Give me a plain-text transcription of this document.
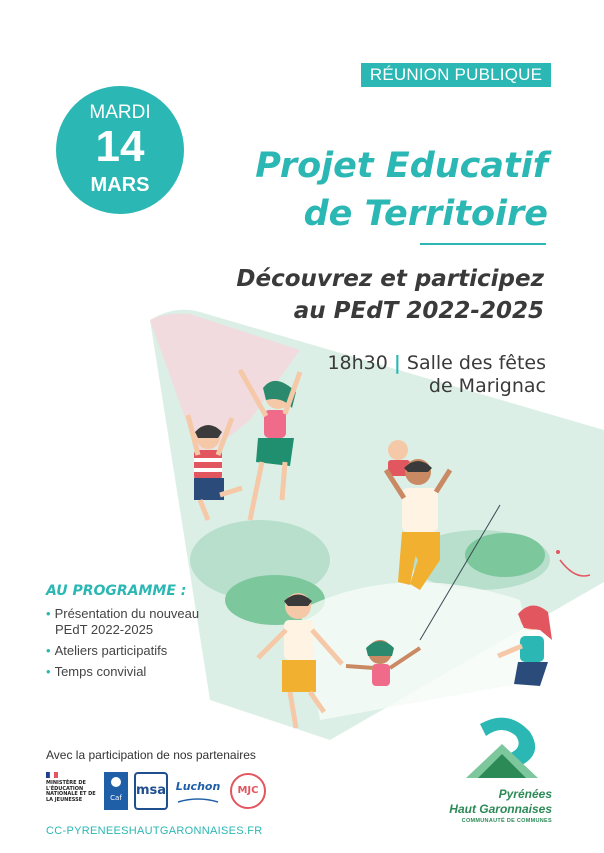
RÉUNION PUBLIQUE
MARDI
14
MARS	Projet Educatif
de Territoire
Découvrez et participez
au PEdT 2022-2025
18h30 | Salle des fêtes
de Marignac
AU PROGRAMME :
• Présentation du nouveau
PEdT 2022-2025
• Ateliers participatifs
• Temps convivial
Avec la participation de nos partenaires
MINISTÈRE DE L'ÉDUCATION NATIONALE ET DE LA JEUNESSE	Caf	msa Luchon	MJC	Pyrénées
Haut Garonnaises
COMMUNAUTÉ DE COMMUNES
CC-PYRENEESHAUTGARONNAISES.FR
